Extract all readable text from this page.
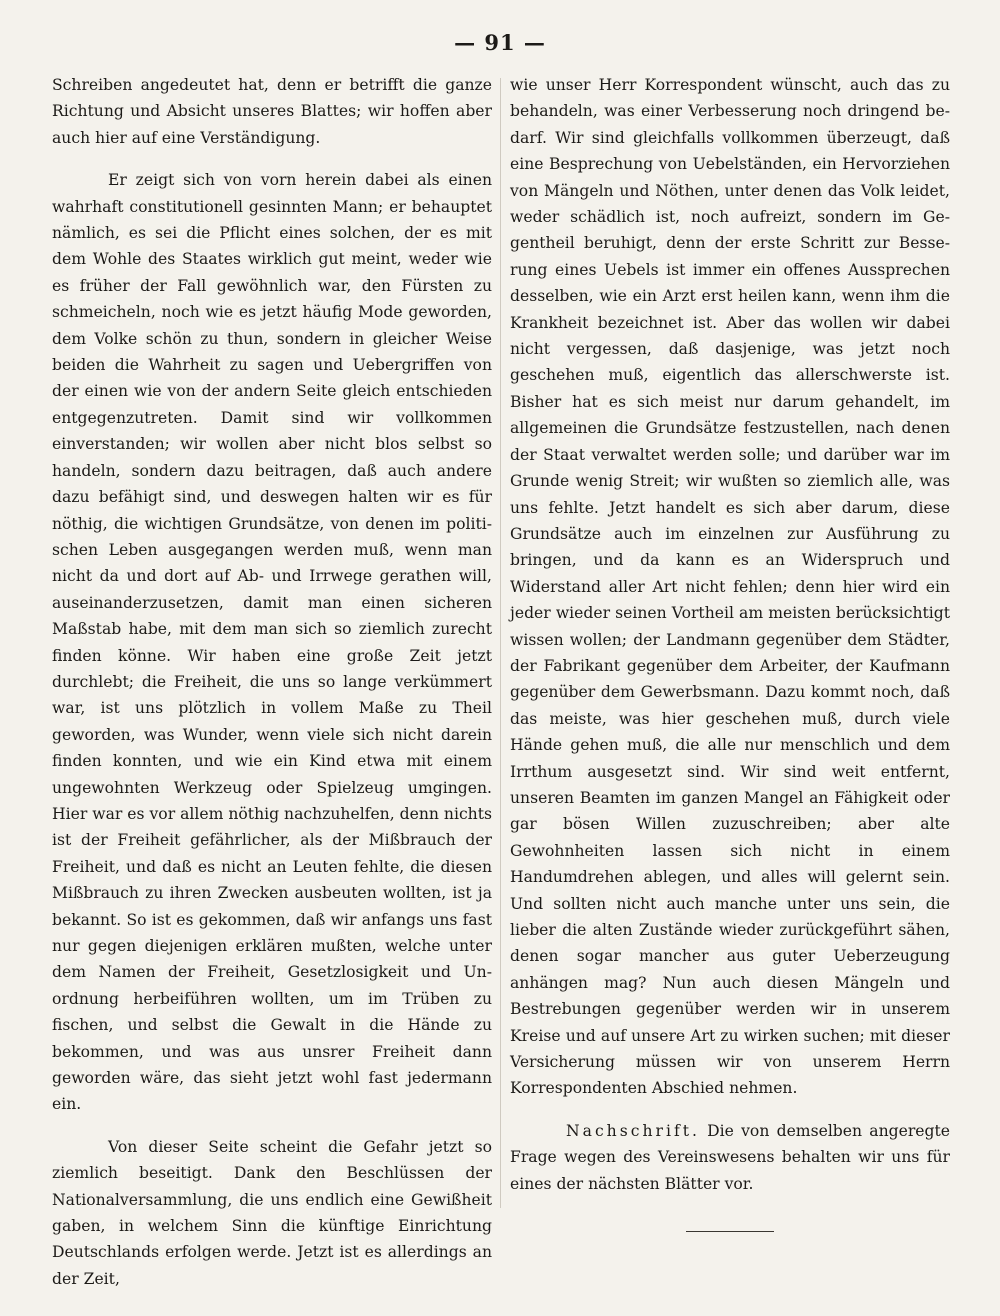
— 91 —

Schreiben angedeutet hat, denn er betrifft die ganze Richtung und Absicht unseres Blattes; wir hoffen aber auch hier auf eine Verständigung.

Er zeigt sich von vorn herein dabei als einen wahrhaft constitutionell gesinnten Mann; er behauptet nämlich, es sei die Pflicht eines solchen, der es mit dem Wohle des Staates wirklich gut meint, weder wie es früher der Fall gewöhnlich war, den Fürsten zu schmeicheln, noch wie es jetzt häufig Mode geworden, dem Volke schön zu thun, sondern in gleicher Weise beiden die Wahrheit zu sagen und Uebergriffen von der einen wie von der andern Seite gleich entschieden entgegenzutreten. Damit sind wir vollkommen einverstanden; wir wollen aber nicht blos selbst so handeln, sondern dazu beitragen, daß auch andere dazu befähigt sind, und deswegen halten wir es für nöthig, die wichtigen Grundsätze, von denen im politischen Leben ausgegangen werden muß, wenn man nicht da und dort auf Ab- und Irrwege gerathen will, auseinanderzusetzen, damit man einen sicheren Maßstab habe, mit dem man sich so ziemlich zurecht finden könne. Wir haben eine große Zeit jetzt durchlebt; die Freiheit, die uns so lange verkümmert war, ist uns plötzlich in vollem Maße zu Theil geworden, was Wunder, wenn viele sich nicht darein finden konnten, und wie ein Kind etwa mit einem ungewohnten Werkzeug oder Spielzeug umgingen. Hier war es vor allem nöthig nachzuhelfen, denn nichts ist der Freiheit gefährlicher, als der Mißbrauch der Freiheit, und daß es nicht an Leuten fehlte, die diesen Mißbrauch zu ihren Zwecken ausbeuten wollten, ist ja bekannt. So ist es gekommen, daß wir anfangs uns fast nur gegen diejenigen erklären mußten, welche unter dem Namen der Freiheit, Gesetzlosigkeit und Unordnung herbeiführen wollten, um im Trüben zu fischen, und selbst die Gewalt in die Hände zu bekommen, und was aus unsrer Freiheit dann geworden wäre, das sieht jetzt wohl fast jedermann ein.

Von dieser Seite scheint die Gefahr jetzt so ziemlich beseitigt. Dank den Beschlüssen der Nationalversammlung, die uns endlich eine Gewißheit gaben, in welchem Sinn die künftige Einrichtung Deutschlands erfolgen werde. Jetzt ist es allerdings an der Zeit,

wie unser Herr Korrespondent wünscht, auch das zu behandeln, was einer Verbesserung noch dringend bedarf. Wir sind gleichfalls vollkommen überzeugt, daß eine Besprechung von Uebelständen, ein Hervorziehen von Mängeln und Nöthen, unter denen das Volk leidet, weder schädlich ist, noch aufreizt, sondern im Gegentheil beruhigt, denn der erste Schritt zur Besserung eines Uebels ist immer ein offenes Aussprechen desselben, wie ein Arzt erst heilen kann, wenn ihm die Krankheit bezeichnet ist. Aber das wollen wir dabei nicht vergessen, daß dasjenige, was jetzt noch geschehen muß, eigentlich das allerschwerste ist. Bisher hat es sich meist nur darum gehandelt, im allgemeinen die Grundsätze festzustellen, nach denen der Staat verwaltet werden solle; und darüber war im Grunde wenig Streit; wir wußten so ziemlich alle, was uns fehlte. Jetzt handelt es sich aber darum, diese Grundsätze auch im einzelnen zur Ausführung zu bringen, und da kann es an Widerspruch und Widerstand aller Art nicht fehlen; denn hier wird ein jeder wieder seinen Vortheil am meisten berücksichtigt wissen wollen; der Landmann gegenüber dem Städter, der Fabrikant gegenüber dem Arbeiter, der Kaufmann gegenüber dem Gewerbsmann. Dazu kommt noch, daß das meiste, was hier geschehen muß, durch viele Hände gehen muß, die alle nur menschlich und dem Irrthum ausgesetzt sind. Wir sind weit entfernt, unseren Beamten im ganzen Mangel an Fähigkeit oder gar bösen Willen zuzuschreiben; aber alte Gewohnheiten lassen sich nicht in einem Handumdrehen ablegen, und alles will gelernt sein. Und sollten nicht auch manche unter uns sein, die lieber die alten Zustände wieder zurückgeführt sähen, denen sogar mancher aus guter Ueberzeugung anhängen mag? Nun auch diesen Mängeln und Bestrebungen gegenüber werden wir in unserem Kreise und auf unsere Art zu wirken suchen; mit dieser Versicherung müssen wir von unserem Herrn Korrespondenten Abschied nehmen.

Nachschrift. Die von demselben angeregte Frage wegen des Vereinswesens behalten wir uns für eines der nächsten Blätter vor.
